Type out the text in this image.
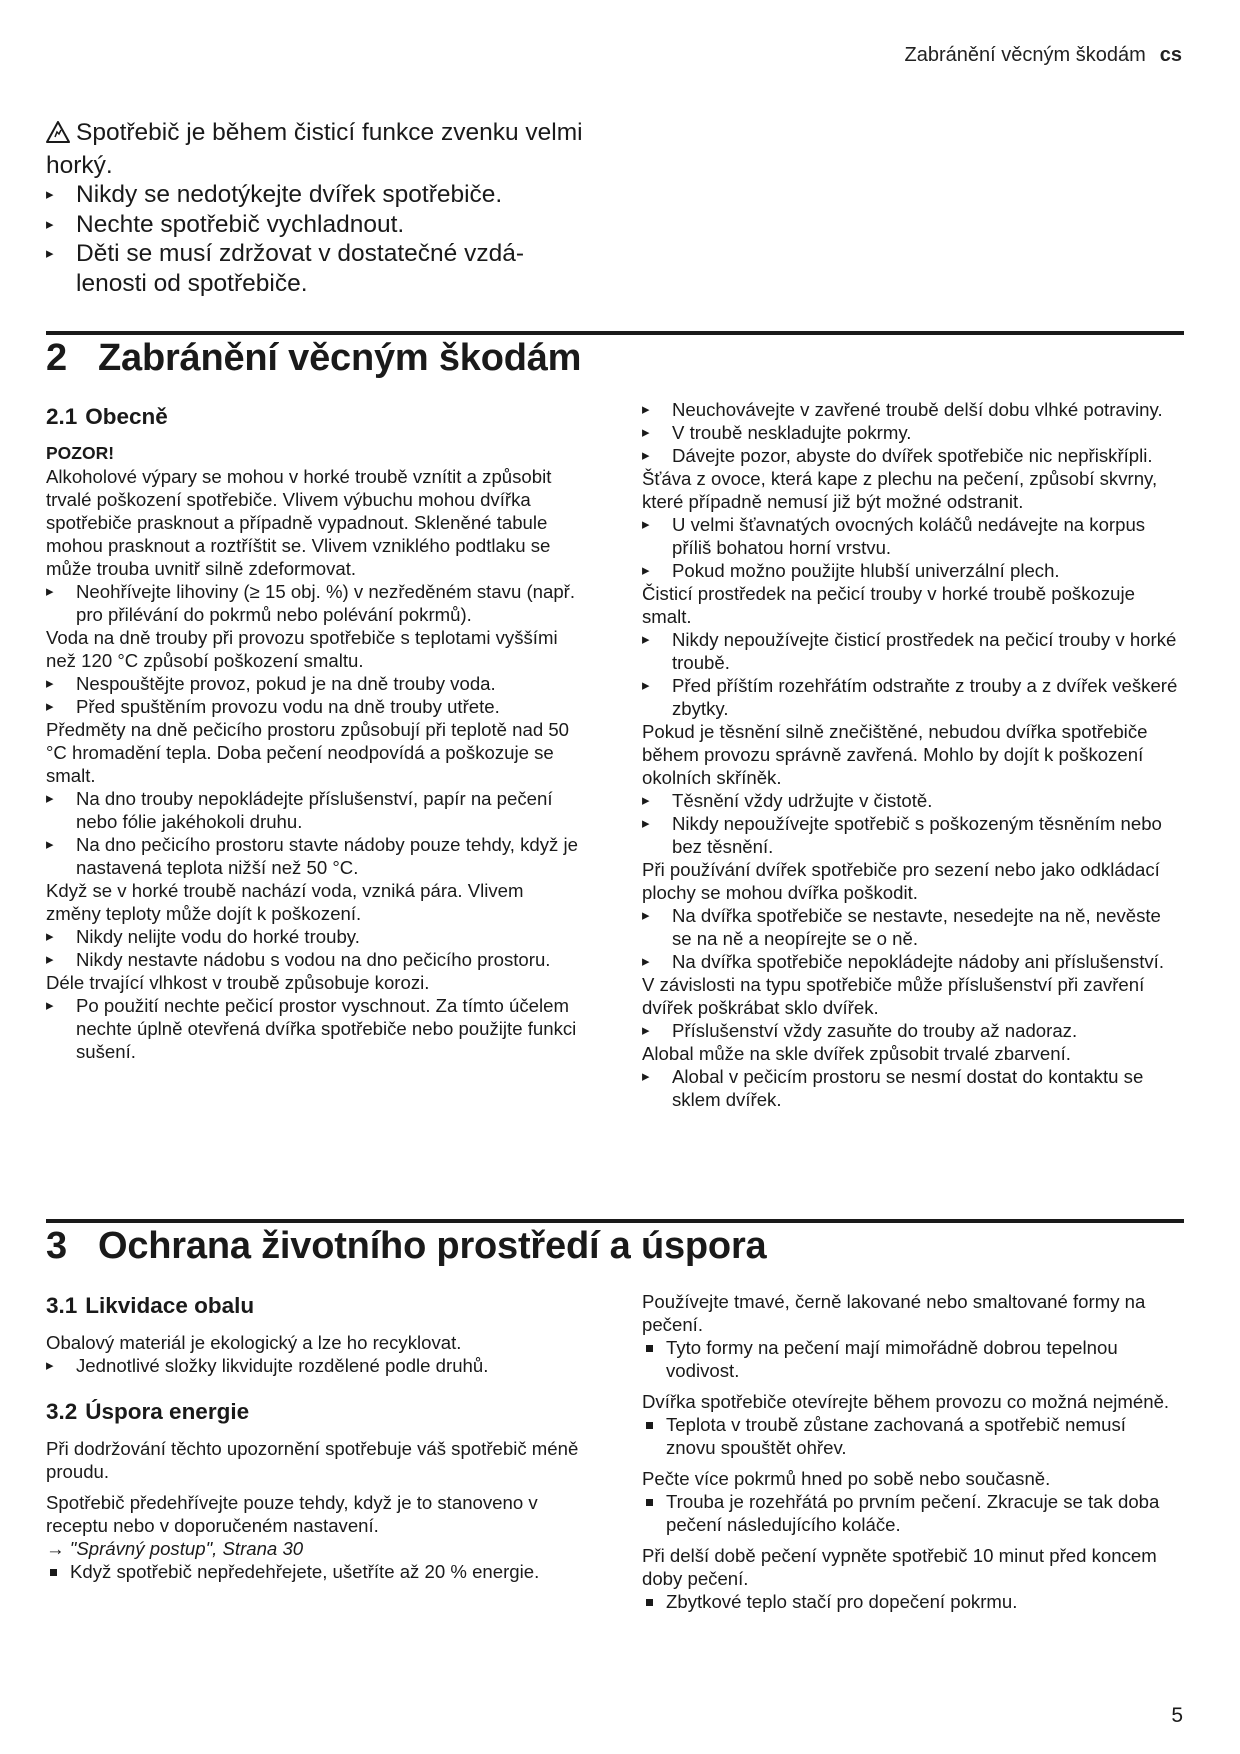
Zabránění věcným škodám cs

Spotřebič je během čisticí funkce zvenku velmi horký.

▸ Nikdy se nedotýkejte dvířek spotřebiče.

▸ Nechte spotřebič vychladnout.

▸ Děti se musí zdržovat v dostatečné vzdá-lenosti od spotřebiče.

2 Zabránění věcným škodám
2.1 Obecně

POZOR!

Alkoholové výpary se mohou v horké troubě vznítit a způsobit trvalé poškození spotřebiče. Vlivem výbuchu mohou dvířka spotřebiče prasknout a případně vypadnout. Skleněné tabule mohou prasknout a roztříštit se. Vlivem vzniklého podtlaku se může trouba uvnitř silně zdeformovat.

▸ Neohřívejte lihoviny (≥ 15 obj. %) v nezředěném stavu (např. pro přilévání do pokrmů nebo polévání pokrmů).

Voda na dně trouby při provozu spotřebiče s teplotami vyššími než 120 °C způsobí poškození smaltu.

▸ Nespouštějte provoz, pokud je na dně trouby voda.

▸ Před spuštěním provozu vodu na dně trouby utřete.

Předměty na dně pečicího prostoru způsobují při teplotě nad 50 °C hromadění tepla. Doba pečení neodpovídá a poškozuje se smalt.

▸ Na dno trouby nepokládejte příslušenství, papír na pečení nebo fólie jakéhokoli druhu.

▸ Na dno pečicího prostoru stavte nádoby pouze tehdy, když je nastavená teplota nižší než 50 °C.

Když se v horké troubě nachází voda, vzniká pára. Vlivem změny teploty může dojít k poškození.

▸ Nikdy nelijte vodu do horké trouby.

▸ Nikdy nestavte nádobu s vodou na dno pečicího prostoru.

Déle trvající vlhkost v troubě způsobuje korozi.

▸ Po použití nechte pečicí prostor vyschnout. Za tímto účelem nechte úplně otevřená dvířka spotřebiče nebo použijte funkci sušení.

▸ Neuchovávejte v zavřené troubě delší dobu vlhké potraviny.

▸ V troubě neskladujte pokrmy.

▸ Dávejte pozor, abyste do dvířek spotřebiče nic nepřiskřípli.

Šťáva z ovoce, která kape z plechu na pečení, způsobí skvrny, které případně nemusí již být možné odstranit.

▸ U velmi šťavnatých ovocných koláčů nedávejte na korpus příliš bohatou horní vrstvu.

▸ Pokud možno použijte hlubší univerzální plech.

Čisticí prostředek na pečicí trouby v horké troubě poškozuje smalt.

▸ Nikdy nepoužívejte čisticí prostředek na pečicí trouby v horké troubě.

▸ Před příštím rozehřátím odstraňte z trouby a z dvířek veškeré zbytky.

Pokud je těsnění silně znečištěné, nebudou dvířka spotřebiče během provozu správně zavřená. Mohlo by dojít k poškození okolních skříněk.

▸ Těsnění vždy udržujte v čistotě.

▸ Nikdy nepoužívejte spotřebič s poškozeným těsněním nebo bez těsnění.

Při používání dvířek spotřebiče pro sezení nebo jako odkládací plochy se mohou dvířka poškodit.

▸ Na dvířka spotřebiče se nestavte, nesedejte na ně, nevěste se na ně a neopírejte se o ně.

▸ Na dvířka spotřebiče nepokládejte nádoby ani příslušenství.

V závislosti na typu spotřebiče může příslušenství při zavření dvířek poškrábat sklo dvířek.

▸ Příslušenství vždy zasuňte do trouby až nadoraz.

Alobal může na skle dvířek způsobit trvalé zbarvení.

▸ Alobal v pečicím prostoru se nesmí dostat do kontaktu se sklem dvířek.

3 Ochrana životního prostředí a úspora
3.1 Likvidace obalu

Obalový materiál je ekologický a lze ho recyklovat.

▸ Jednotlivé složky likvidujte rozdělené podle druhů.

3.2 Úspora energie

Při dodržování těchto upozornění spotřebuje váš spotřebič méně proudu.

Spotřebič předehřívejte pouze tehdy, když je to stanoveno v receptu nebo v doporučeném nastavení.

→ "Správný postup", Strana 30

Když spotřebič nepředehřejete, ušetříte až 20 % energie.

Používejte tmavé, černě lakované nebo smaltované formy na pečení.

Tyto formy na pečení mají mimořádně dobrou tepelnou vodivost.

Dvířka spotřebiče otevírejte během provozu co možná nejméně.

Teplota v troubě zůstane zachovaná a spotřebič nemusí znovu spouštět ohřev.

Pečte více pokrmů hned po sobě nebo současně.

Trouba je rozehřátá po prvním pečení. Zkracuje se tak doba pečení následujícího koláče.

Při delší době pečení vypněte spotřebič 10 minut před koncem doby pečení.

Zbytkové teplo stačí pro dopečení pokrmu.

5
